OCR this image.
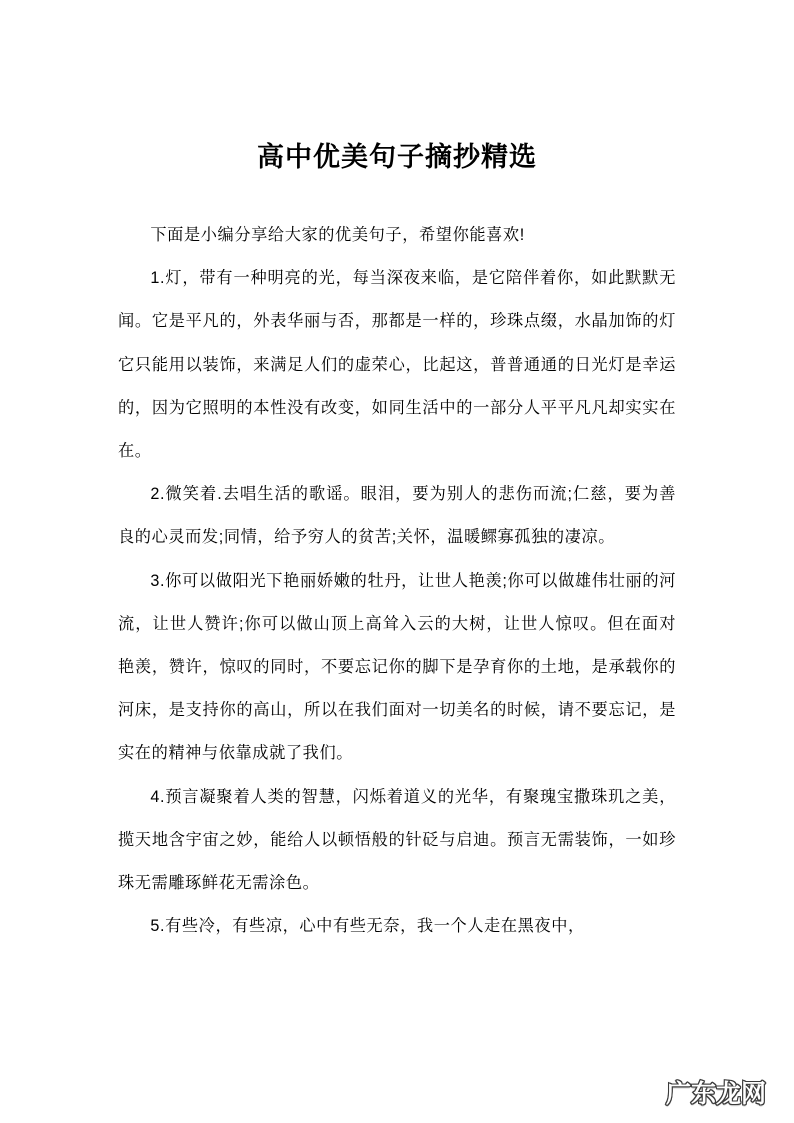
高中优美句子摘抄精选

下面是小编分享给大家的优美句子，希望你能喜欢!

1.灯，带有一种明亮的光，每当深夜来临，是它陪伴着你，如此默默无闻。它是平凡的，外表华丽与否，那都是一样的，珍珠点缀，水晶加饰的灯它只能用以装饰，来满足人们的虚荣心，比起这，普普通通的日光灯是幸运的，因为它照明的本性没有改变，如同生活中的一部分人平平凡凡却实实在在。

2.微笑着.去唱生活的歌谣。眼泪，要为别人的悲伤而流;仁慈，要为善良的心灵而发;同情，给予穷人的贫苦;关怀，温暖鳏寡孤独的凄凉。

3.你可以做阳光下艳丽娇嫩的牡丹，让世人艳羡;你可以做雄伟壮丽的河流，让世人赞许;你可以做山顶上高耸入云的大树，让世人惊叹。但在面对艳羡，赞许，惊叹的同时，不要忘记你的脚下是孕育你的土地，是承载你的河床，是支持你的高山，所以在我们面对一切美名的时候，请不要忘记，是实在的精神与依靠成就了我们。

4.预言凝聚着人类的智慧，闪烁着道义的光华，有聚瑰宝撒珠玑之美，揽天地含宇宙之妙，能给人以顿悟般的针砭与启迪。预言无需装饰，一如珍珠无需雕琢鲜花无需涂色。

5.有些冷，有些凉，心中有些无奈，我一个人走在黑夜中，

广东龙网
